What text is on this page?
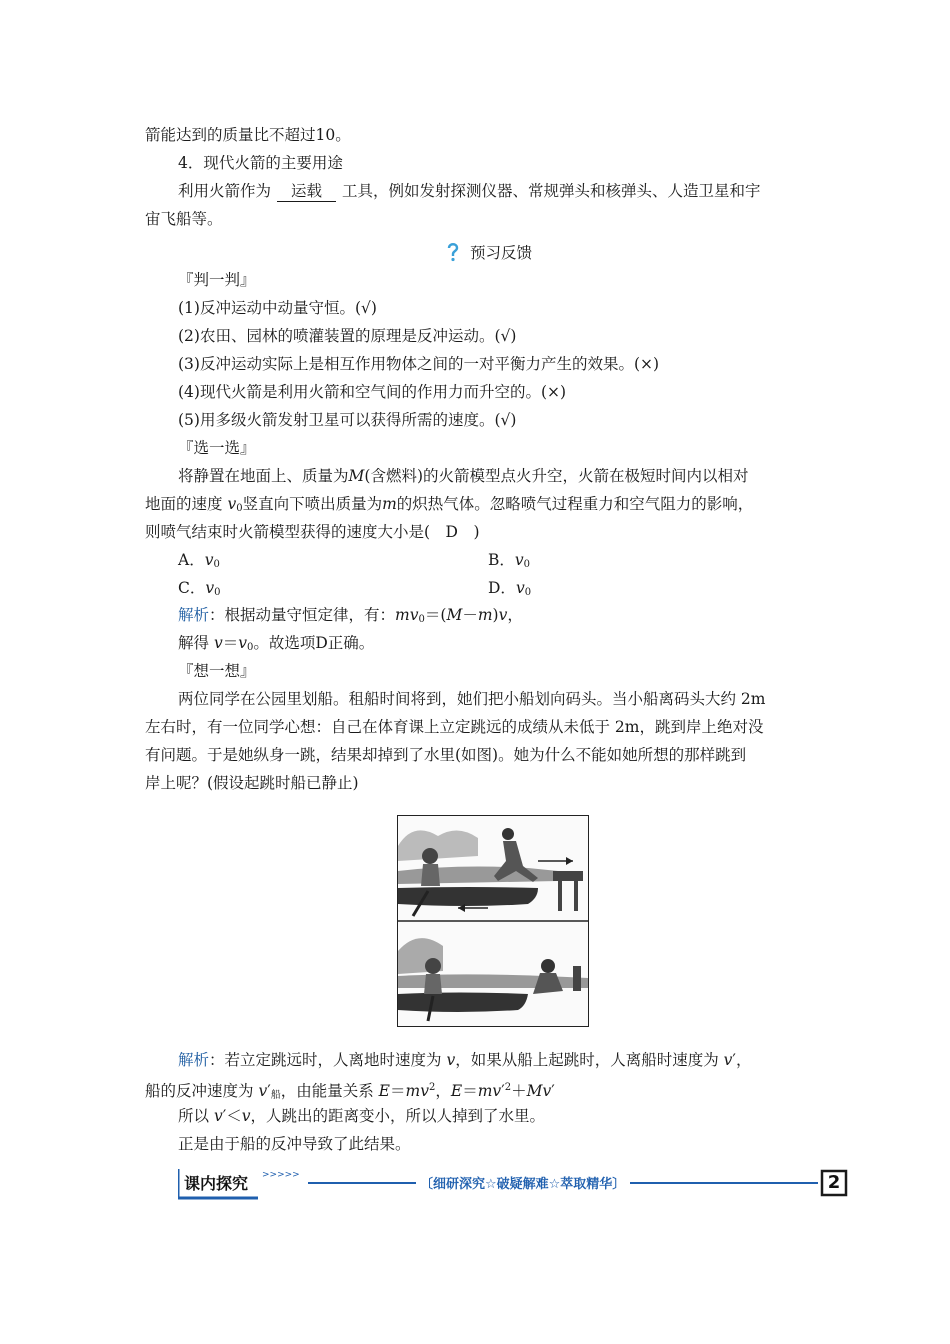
箭能达到的质量比不超过10。
4．现代火箭的主要用途
利用火箭作为 运载 工具，例如发射探测仪器、常规弹头和核弹头、人造卫星和宇
宙飞船等。
预习反馈
『判一判』
(1)反冲运动中动量守恒。(√)
(2)农田、园林的喷灌装置的原理是反冲运动。(√)
(3)反冲运动实际上是相互作用物体之间的一对平衡力产生的效果。(×)
(4)现代火箭是利用火箭和空气间的作用力而升空的。(×)
(5)用多级火箭发射卫星可以获得所需的速度。(√)
『选一选』
将静置在地面上、质量为M(含燃料)的火箭模型点火升空，火箭在极短时间内以相对
地面的速度 $v_0$竖直向下喷出质量为m的炽热气体。忽略喷气过程重力和空气阻力的影响，
则喷气结束时火箭模型获得的速度大小是(　D　)
A．$v_0$	B．$v_0$
C．$v_0$	D．$v_0$
解析：根据动量守恒定律，有：$mv_0=(M-m)v$，
解得 $v=v_0$。故选项D正确。
『想一想』
两位同学在公园里划船。租船时间将到，她们把小船划向码头。当小船离码头大约 2m
左右时，有一位同学心想：自己在体育课上立定跳远的成绩从未低于 2m，跳到岸上绝对没
有问题。于是她纵身一跳，结果却掉到了水里(如图)。她为什么不能如她所想的那样跳到
岸上呢？(假设起跳时船已静止)
解析：若立定跳远时，人离地时速度为 v，如果从船上起跳时，人离船时速度为 v′，
船的反冲速度为 $v'_船$，由能量关系 $E=mv^2$，$E=mv'^2+Mv'$
所以 v′＜v，人跳出的距离变小，所以人掉到了水里。
正是由于船的反冲导致了此结果。
课内探究 >>>>>
〔细研深究☆破疑解难☆萃取精华〕	2
